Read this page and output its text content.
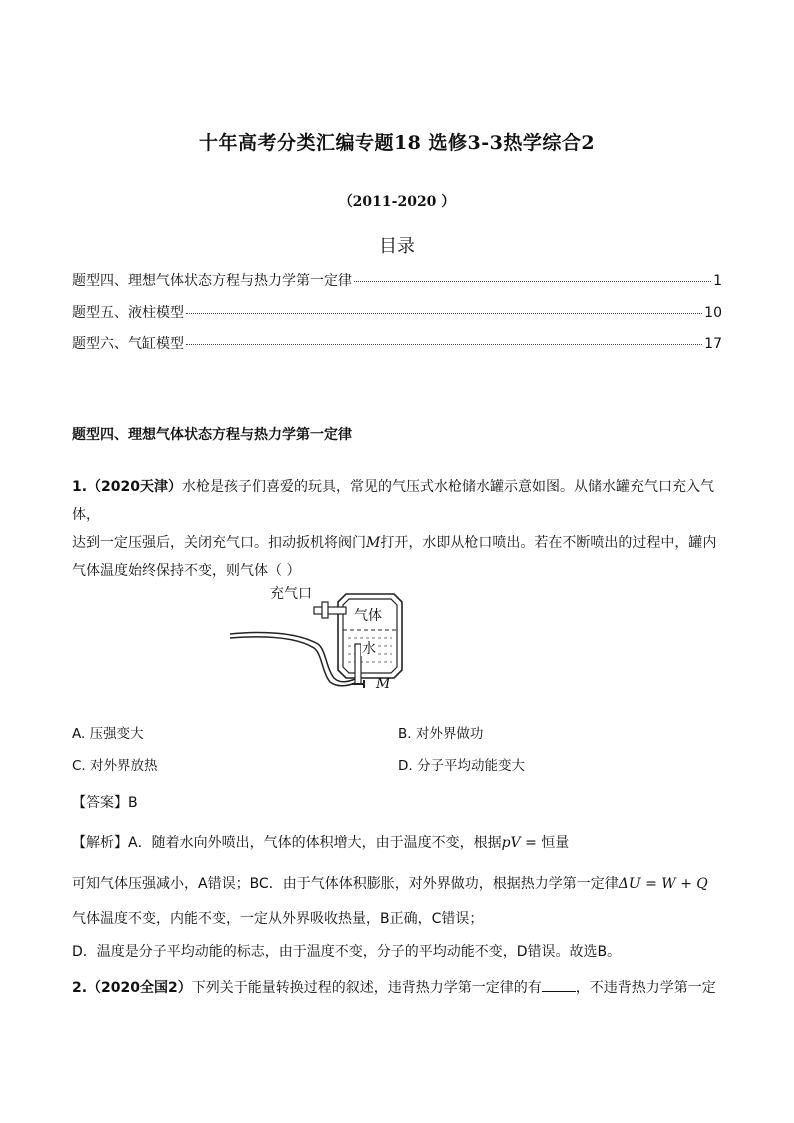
十年高考分类汇编专题18 选修3-3热学综合2
（2011-2020 ）
目录
题型四、理想气体状态方程与热力学第一定律	1
题型五、液柱模型	10
题型六、气缸模型	17
题型四、理想气体状态方程与热力学第一定律
1.（2020天津）水枪是孩子们喜爱的玩具，常见的气压式水枪储水罐示意如图。从储水罐充气口充入气体，
达到一定压强后，关闭充气口。扣动扳机将阀门M打开，水即从枪口喷出。若在不断喷出的过程中，罐内
气体温度始终保持不变，则气体（ ）
充气口
气体
水
M
A. 压强变大	B. 对外界做功
C. 对外界放热	D. 分子平均动能变大
【答案】B
【解析】A．随着水向外喷出，气体的体积增大，由于温度不变，根据pV = 恒量
可知气体压强减小，A错误；BC．由于气体体积膨胀，对外界做功，根据热力学第一定律ΔU = W + Q
气体温度不变，内能不变，一定从外界吸收热量，B正确，C错误；
D．温度是分子平均动能的标志，由于温度不变，分子的平均动能不变，D错误。故选B。
2.（2020全国2）下列关于能量转换过程的叙述，违背热力学第一定律的有 ，不违背热力学第一定
